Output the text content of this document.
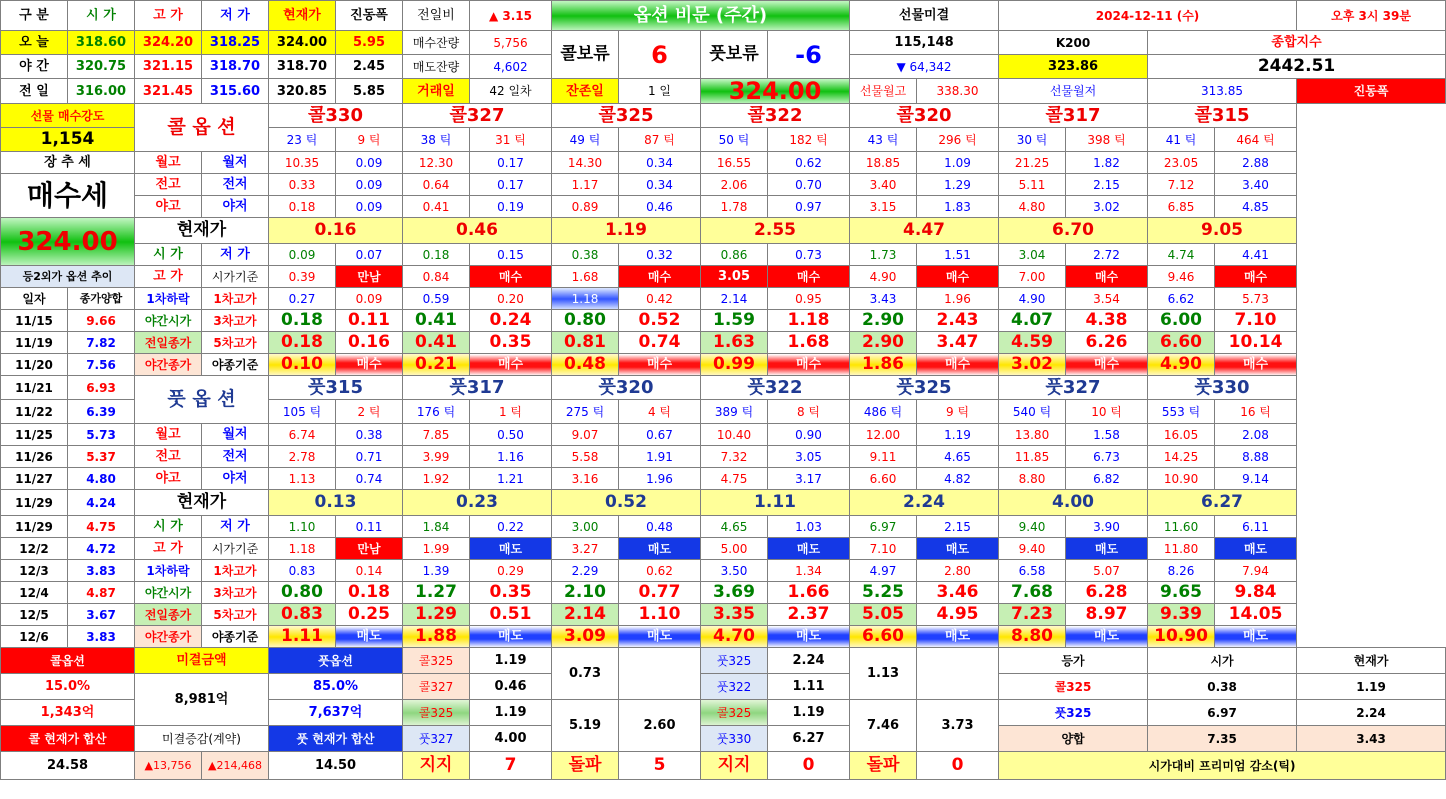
구 분	시 가	고 가	저 가	현재가	진동폭	전일비	▲ 3.15	옵션 비문 (주간)				선물미결		2024-12-11 (수)				오후 3시 39분	
오 늘	318.60	324.20	318.25	324.00	5.95	매수잔량	5,756	콜보류	6	풋보류	-6	115,148		K200		종합지수	
야 간	320.75	321.15	318.70	318.70	2.45	매도잔량	4,602					▼ 64,342		323.86		2442.51	
전 일	316.00	321.45	315.60	320.85	5.85	거래일	42 일차	잔존일	1 일	324.00		선물월고	338.30	선물월저		313.85		진동폭	
선물 매수강도		콜 옵 션		콜330		콜327		콜325		콜322		콜320		콜317		콜315			
1,154				23 틱	9 틱	38 틱	31 틱	49 틱	87 틱	50 틱	182 틱	43 틱	296 틱	30 틱	398 틱	41 틱	464 틱		
장 추 세		월고	월저	10.35	0.09	12.30	0.17	14.30	0.34	16.55	0.62	18.85	1.09	21.25	1.82	23.05	2.88		
매수세		전고	전저	0.33	0.09	0.64	0.17	1.17	0.34	2.06	0.70	3.40	1.29	5.11	2.15	7.12	3.40		
		야고	야저	0.18	0.09	0.41	0.19	0.89	0.46	1.78	0.97	3.15	1.83	4.80	3.02	6.85	4.85		
324.00		현재가		0.16		0.46		1.19		2.55		4.47		6.70		9.05			
		시 가	저 가	0.09	0.07	0.18	0.15	0.38	0.32	0.86	0.73	1.73	1.51	3.04	2.72	4.74	4.41		
등2외가 옵션 추이		고 가	시가기준	0.39	만남	0.84	매수	1.68	매수	3.05	매수	4.90	매수	7.00	매수	9.46	매수		
일자	종가양합	1차하락	1차고가	0.27	0.09	0.59	0.20	1.18	0.42	2.14	0.95	3.43	1.96	4.90	3.54	6.62	5.73		
11/15	9.66	야간시가	3차고가	0.18	0.11	0.41	0.24	0.80	0.52	1.59	1.18	2.90	2.43	4.07	4.38	6.00	7.10		
11/19	7.82	전일종가	5차고가	0.18	0.16	0.41	0.35	0.81	0.74	1.63	1.68	2.90	3.47	4.59	6.26	6.60	10.14		
11/20	7.56	야간종가	야종기준	0.10	매수	0.21	매수	0.48	매수	0.99	매수	1.86	매수	3.02	매수	4.90	매수		
11/21	6.93	풋 옵 션		풋315		풋317		풋320		풋322		풋325		풋327		풋330			
11/22	6.39			105 틱	2 틱	176 틱	1 틱	275 틱	4 틱	389 틱	8 틱	486 틱	9 틱	540 틱	10 틱	553 틱	16 틱		
11/25	5.73	월고	월저	6.74	0.38	7.85	0.50	9.07	0.67	10.40	0.90	12.00	1.19	13.80	1.58	16.05	2.08		
11/26	5.37	전고	전저	2.78	0.71	3.99	1.16	5.58	1.91	7.32	3.05	9.11	4.65	11.85	6.73	14.25	8.88		
11/27	4.80	야고	야저	1.13	0.74	1.92	1.21	3.16	1.96	4.75	3.17	6.60	4.82	8.80	6.82	10.90	9.14		
11/29	4.24	현재가		0.13		0.23		0.52		1.11		2.24		4.00		6.27			
11/29	4.75	시 가	저 가	1.10	0.11	1.84	0.22	3.00	0.48	4.65	1.03	6.97	2.15	9.40	3.90	11.60	6.11		
12/2	4.72	고 가	시가기준	1.18	만남	1.99	매도	3.27	매도	5.00	매도	7.10	매도	9.40	매도	11.80	매도		
12/3	3.83	1차하락	1차고가	0.83	0.14	1.39	0.29	2.29	0.62	3.50	1.34	4.97	2.80	6.58	5.07	8.26	7.94		
12/4	4.87	야간시가	3차고가	0.80	0.18	1.27	0.35	2.10	0.77	3.69	1.66	5.25	3.46	7.68	6.28	9.65	9.84		
12/5	3.67	전일종가	5차고가	0.83	0.25	1.29	0.51	2.14	1.10	3.35	2.37	5.05	4.95	7.23	8.97	9.39	14.05		
12/6	3.83	야간종가	야종기준	1.11	매도	1.88	매도	3.09	매도	4.70	매도	6.60	매도	8.80	매도	10.90	매도		
콜옵션		미결금액		풋옵션		콜325	1.19	0.73		풋325	2.24	1.13		등가		시가		현재가	
15.0%		8,981억		85.0%		콜327	0.46			풋322	1.11			콜325		0.38		1.19	
1,343억				7,637억		콜325	1.19	5.19	2.60	콜325	1.19	7.46	3.73	풋325		6.97		2.24	
콜 현재가 합산		미결증감(계약)		풋 현재가 합산		풋327	4.00			풋330	6.27			양합		7.35		3.43	
24.58		▲13,756	▲214,468	14.50		지지	7	돌파	5	지지	0	돌파	0	시가대비 프리미엄 감소(틱)	
